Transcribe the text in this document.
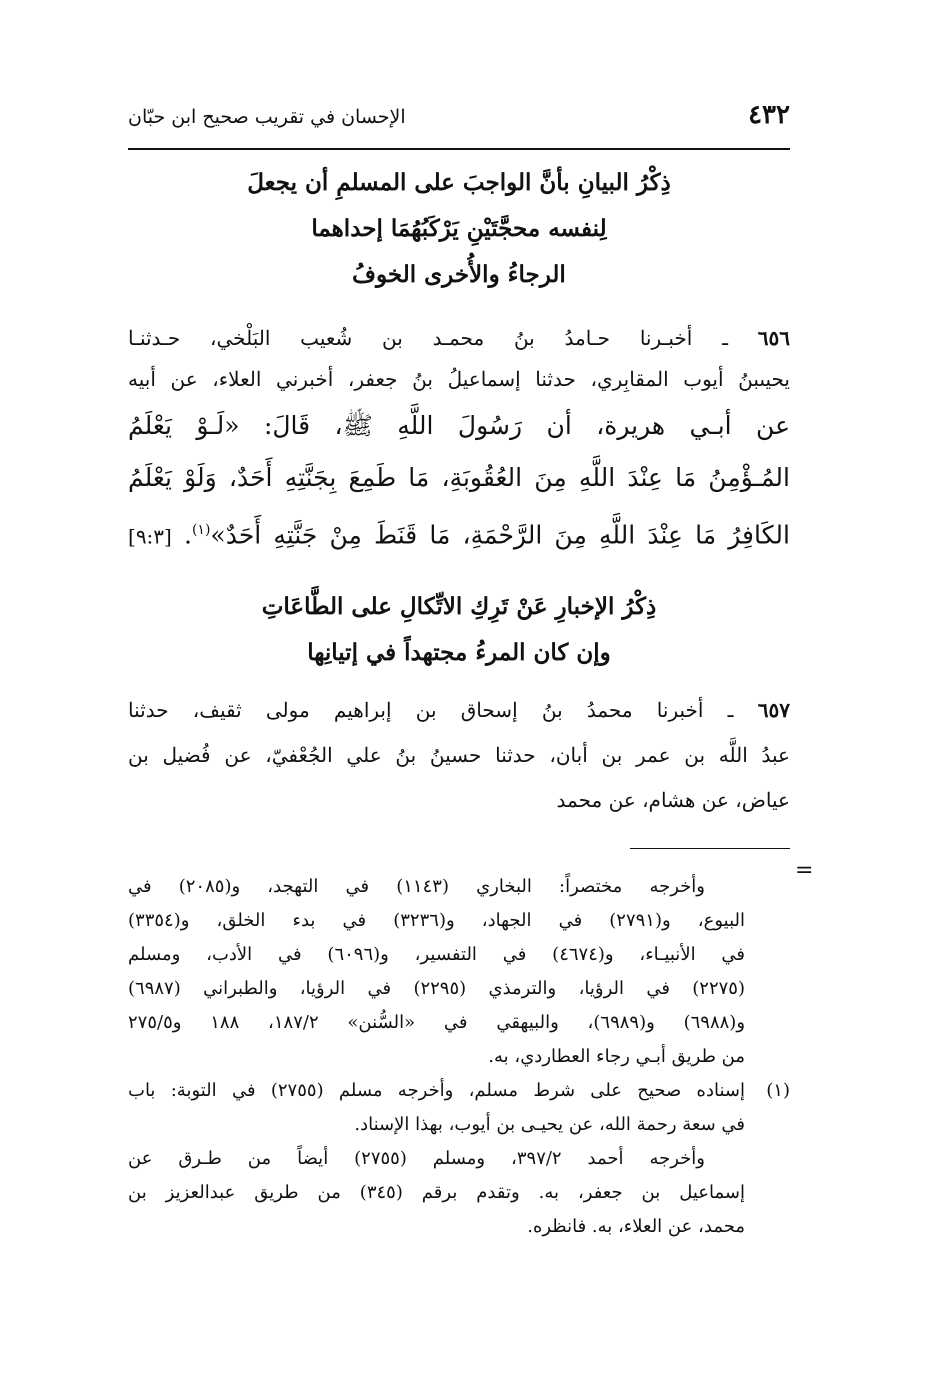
٤٣٢
الإحسان في تقريب صحيح ابن حبّان
ذِكْرُ البيانِ بأنَّ الواجبَ على المسلمِ أن يجعلَ
لِنفسه محجَّتَيْنِ يَرْكَبُهُمَا إحداهما
الرجاءُ والأُخرى الخوفُ
٦٥٦ ـ أخبـرنا حـامدُ بنُ محمـد بن شُعيب البَلْخي، حـدثنـا
يحيىبنُ أيوب المقابِري، حدثنا إسماعيلُ بنُ جعفر، أخبرني العلاء، عن أبيه
عن أبـي هريرة، أن رَسُولَ اللَّهِ ﷺ، قَالَ: «لَـوْ يَعْلَمُ
المُـؤْمِنُ مَا عِنْدَ اللَّهِ مِنَ العُقُوبَةِ، مَا طَمِعَ بِجَنَّتِهِ أَحَدٌ، وَلَوْ يَعْلَمُ
الكَافِرُ مَا عِنْدَ اللَّهِ مِنَ الرَّحْمَةِ، مَا قَنَطَ مِنْ جَنَّتِهِ أَحَدٌ»$^{(١)}$. [٩:٣]
ذِكْرُ الإخبارِ عَنْ تَرِكِ الاتِّكالِ على الطَّاعَاتِ
وإن كان المرءُ مجتهداً في إتيانِها
٦٥٧ ـ أخبرنا محمدُ بنُ إسحاق بن إبراهيم مولى ثقيف، حدثنا
عبدُ اللَّه بن عمر بن أبان، حدثنا حسينُ بنُ علي الجُعْفيّ، عن فُضيل بن
عياض، عن هشام، عن محمد
=
وأخرجه مختصراً: البخاري (١١٤٣) في التهجد، و(٢٠٨٥) في
البيوع، و(٢٧٩١) في الجهاد، و(٣٢٣٦) في بدء الخلق، و(٣٣٥٤)
في الأنبيـاء، و(٤٦٧٤) في التفسير، و(٦٠٩٦) في الأدب، ومسلم
(٢٢٧٥) في الرؤيا، والترمذي (٢٢٩٥) في الرؤيا، والطبراني (٦٩٨٧)
و(٦٩٨٨) و(٦٩٨٩)، والبيهقي في «السُّنن» ١٨٧/٢، ١٨٨ و٢٧٥/٥
من طريق أبـي رجاء العطاردي، به.
(١)
إسناده صحيح على شرط مسلم، وأخرجه مسلم (٢٧٥٥) في التوبة: باب
في سعة رحمة الله، عن يحيـى بن أيوب، بهذا الإسناد.
وأخرجه أحمد ٣٩٧/٢، ومسلم (٢٧٥٥) أيضاً من طـرق عن
إسماعيل بن جعفر، به. وتقدم برقم (٣٤٥) من طريق عبدالعزيز بن
محمد، عن العلاء، به. فانظره.
